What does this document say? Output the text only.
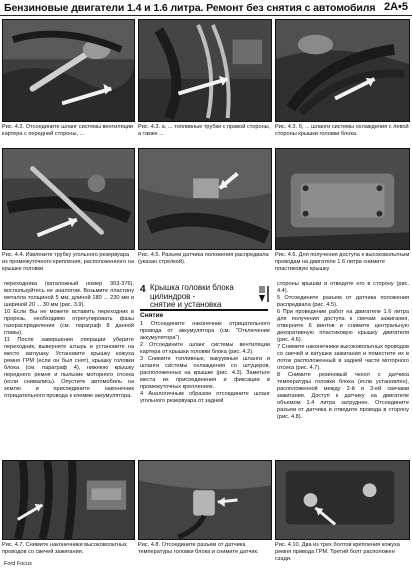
Бензиновые двигатели 1.4 и 1.6 литра. Ремонт без снятия с автомобиля 2A•5
Рис. 4.2. Отсоедините шланг системы вентиляции картера с передней стороны, ...
Рис. 4.3. а, ... топливные трубки с правой стороны, а также ...
Рис. 4.3. б, ... шланги системы охлаждения с левой стороны крышки головки блока.
Рис. 4.4. Извлеките трубку угольного резервуара из промежуточного крепления, расположенного на крышке головки.
Рис. 4.5. Разъем датчика положения распредвала (указан стрелкой).
Рис. 4.6. Для получения доступа к высоковольтным проводам на двигателе 1.6 литра снимите пластиковую крышку

переходника (каталожный номер 303-376), воспользуйтесь ее аналогом. Возьмите пластину металла толщиной 5 мм, длиной 180 ... 230 мм и шириной 20 ... 30 мм (рис. 3.9).

10 Если Вы не можете вставить переходник в прорезь, необходимо отрегулировать фазы газораспределения (см. параграф 8 данной главы).

11 После завершения операции уберите переходник, выверните штырь и установите на место заглушку. Установите крышку кожуха ремня ГРМ (если он был снят), крышку головки блока (см. параграф 4), нижнюю крышку переднего ремня и пыльник моторного отсека (если снимались). Опустите автомобиль на землю и присоедините наконечник отрицательного провода к клемме аккумулятора.

4 Крышка головки блока
цилиндров -
снятие и установка
Снятие

1 Отсоедините наконечник отрицательного провода от аккумулятора (см. "Отключение аккумулятора").

2 Отсоедините шланг системы вентиляции картера от крышки головки блока (рис. 4.2).

3 Снимите топливные, вакуумные шланги и шланги системы охлаждения со штуцеров, расположенных на крышке (рис. 4.3). Заметьте места их присоединения и фиксации в промежуточных креплениях.

4 Аналогичным образом отсоедините шланг угольного резервуара от задней

стороны крышки и отведите его в сторону (рис. 4.4).

5 Отсоедините разъем от датчика положения распредвала (рис. 4.5).

6 При проведении работ на двигателе 1.6 литра для получения доступа к свечам зажигания, отверните 6 винтов и снимите центральную декоративную пластиковую крышку двигателя (рис. 4.6).

7 Снимите наконечники высоковольтных проводов со свечей и катушки зажигания и поместите их в лоток расположенный в задней части моторного отсека (рис. 4.7).

8 Снимите резиновый чехол с датчика температуры головки блока (если установлен), расположенной между 2-й и 3-ей свечами зажигания. Доступ к датчику на двигателе объемом 1.4 литра затруднен. Отсоедините разъем от датчика и отведите провода в сторону (рис. 4.8).

Рис. 4.7. Снимите наконечники высоковольтных проводов со свечей зажигания.
Рис. 4.8. Отсоедините разъем от датчика температуры головки блока и снимите датчик.
Рис. 4.10. Два из трех болтов крепления кожуха ремня привода ГРМ. Третий болт расположен сзади.
Ford Focus
